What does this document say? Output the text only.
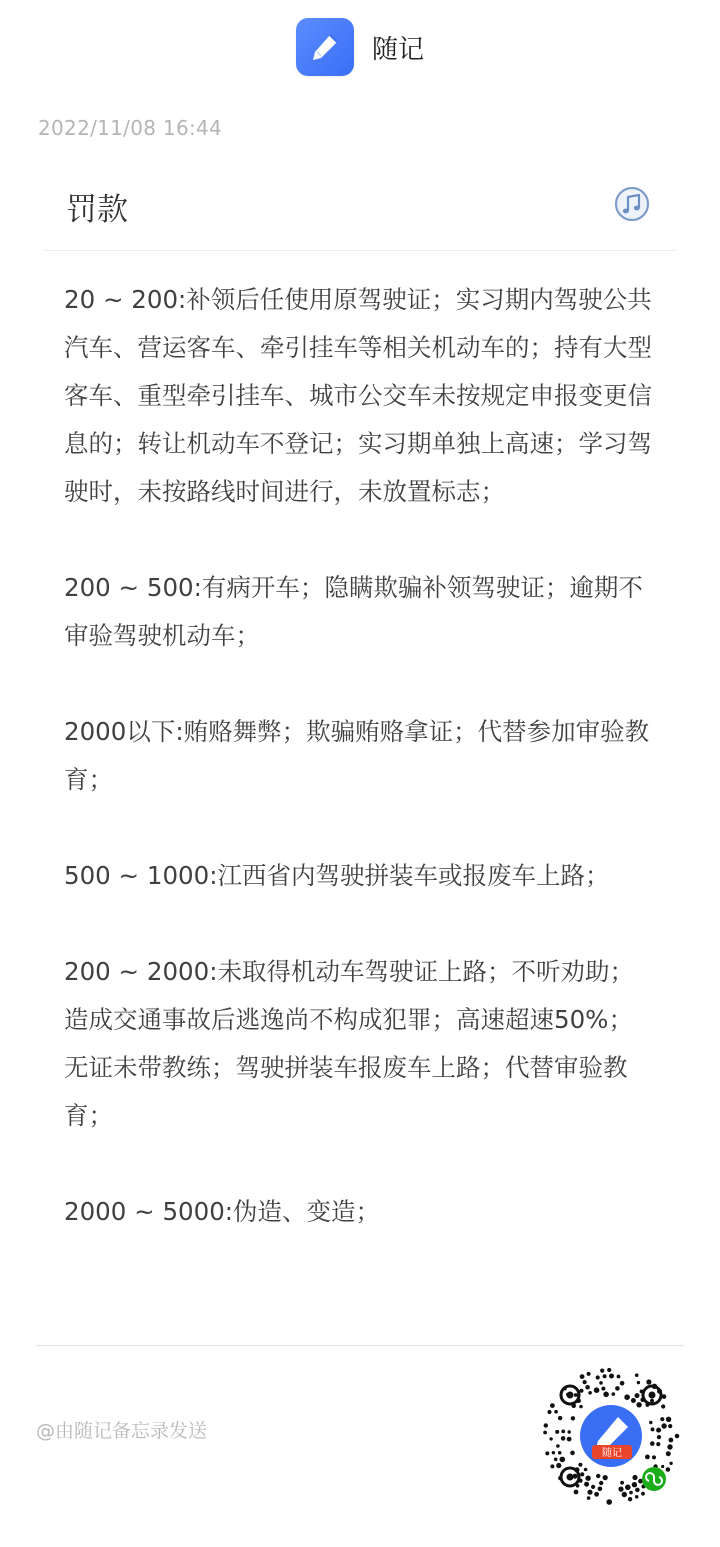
随记
2022/11/08 16:44
罚款

20 ~ 200:补领后任使用原驾驶证；实习期内驾驶公共汽车、营运客车、牵引挂车等相关机动车的；持有大型客车、重型牵引挂车、城市公交车未按规定申报变更信息的；转让机动车不登记；实习期单独上高速；学习驾驶时，未按路线时间进行，未放置标志；

200 ~ 500:有病开车；隐瞒欺骗补领驾驶证；逾期不审验驾驶机动车；

2000以下:贿赂舞弊；欺骗贿赂拿证；代替参加审验教育；

500 ~ 1000:江西省内驾驶拼装车或报废车上路；

200 ~ 2000:未取得机动车驾驶证上路；不听劝助；造成交通事故后逃逸尚不构成犯罪；高速超速50%；无证未带教练；驾驶拼装车报废车上路；代替审验教育；

2000 ~ 5000:伪造、变造；

@由随记备忘录发送
随记
